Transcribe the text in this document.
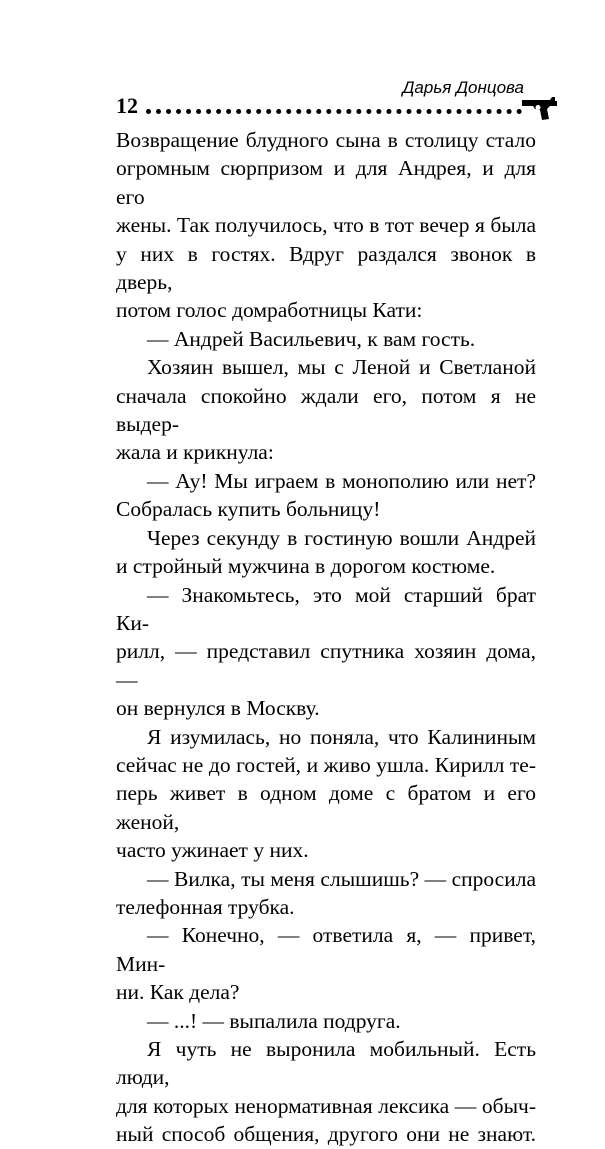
12
Дарья Донцова

Возвращение блудного сына в столицу стало

огромным сюрпризом и для Андрея, и для его

жены. Так получилось, что в тот вечер я была

у них в гостях. Вдруг раздался звонок в дверь,

потом голос домработницы Кати:

— Андрей Васильевич, к вам гость.

Хозяин вышел, мы с Леной и Светланой

сначала спокойно ждали его, потом я не выдер-

жала и крикнула:

— Ау! Мы играем в монополию или нет?

Собралась купить больницу!

Через секунду в гостиную вошли Андрей

и стройный мужчина в дорогом костюме.

— Знакомьтесь, это мой старший брат Ки-

рилл, — представил спутника хозяин дома, —

он вернулся в Москву.

Я изумилась, но поняла, что Калининым

сейчас не до гостей, и живо ушла. Кирилл те-

перь живет в одном доме с братом и его женой,

часто ужинает у них.

— Вилка, ты меня слышишь? — спросила

телефонная трубка.

— Конечно, — ответила я, — привет, Мин-

ни. Как дела?

— ...! — выпалила подруга.

Я чуть не выронила мобильный. Есть люди,

для которых ненормативная лексика — обыч-

ный способ общения, другого они не знают.
